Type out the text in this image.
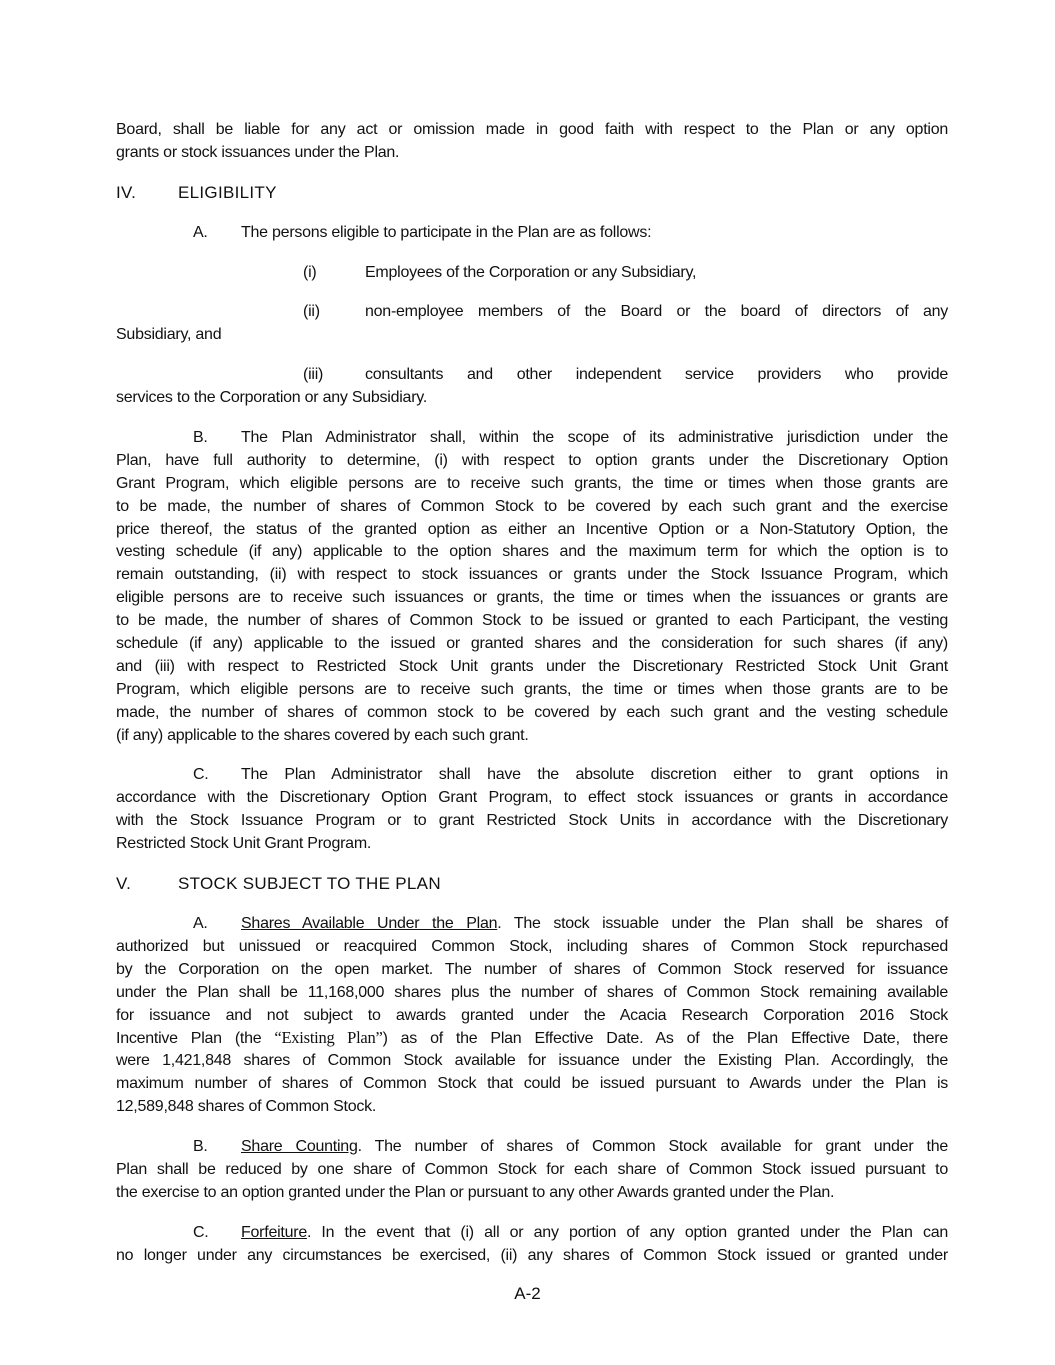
Board, shall be liable for any act or omission made in good faith with respect to the Plan or any option
grants or stock issuances under the Plan.
IV. ELIGIBILITY
A. The persons eligible to participate in the Plan are as follows:
(i)	Employees of the Corporation or any Subsidiary,
(ii)	non-employee members of the Board or the board of directors of any
Subsidiary, and
(iii)	consultants and other independent service providers who provide
services to the Corporation or any Subsidiary.
B. The Plan Administrator shall, within the scope of its administrative jurisdiction under the
Plan, have full authority to determine, (i) with respect to option grants under the Discretionary Option
Grant Program, which eligible persons are to receive such grants, the time or times when those grants are
to be made, the number of shares of Common Stock to be covered by each such grant and the exercise
price thereof, the status of the granted option as either an Incentive Option or a Non-Statutory Option, the
vesting schedule (if any) applicable to the option shares and the maximum term for which the option is to
remain outstanding, (ii) with respect to stock issuances or grants under the Stock Issuance Program, which
eligible persons are to receive such issuances or grants, the time or times when the issuances or grants are
to be made, the number of shares of Common Stock to be issued or granted to each Participant, the vesting
schedule (if any) applicable to the issued or granted shares and the consideration for such shares (if any)
and (iii) with respect to Restricted Stock Unit grants under the Discretionary Restricted Stock Unit Grant
Program, which eligible persons are to receive such grants, the time or times when those grants are to be
made, the number of shares of common stock to be covered by each such grant and the vesting schedule
(if any) applicable to the shares covered by each such grant.
C. The Plan Administrator shall have the absolute discretion either to grant options in
accordance with the Discretionary Option Grant Program, to effect stock issuances or grants in accordance
with the Stock Issuance Program or to grant Restricted Stock Units in accordance with the Discretionary
Restricted Stock Unit Grant Program.
V.	STOCK SUBJECT TO THE PLAN
A. Shares Available Under the Plan. The stock issuable under the Plan shall be shares of
authorized but unissued or reacquired Common Stock, including shares of Common Stock repurchased
by the Corporation on the open market. The number of shares of Common Stock reserved for issuance
under the Plan shall be 11,168,000 shares plus the number of shares of Common Stock remaining available
for issuance and not subject to awards granted under the Acacia Research Corporation 2016 Stock
Incentive Plan (the “Existing Plan”) as of the Plan Effective Date. As of the Plan Effective Date, there
were 1,421,848 shares of Common Stock available for issuance under the Existing Plan. Accordingly, the
maximum number of shares of Common Stock that could be issued pursuant to Awards under the Plan is
12,589,848 shares of Common Stock.
B. Share Counting. The number of shares of Common Stock available for grant under the
Plan shall be reduced by one share of Common Stock for each share of Common Stock issued pursuant to
the exercise to an option granted under the Plan or pursuant to any other Awards granted under the Plan.
C. Forfeiture. In the event that (i) all or any portion of any option granted under the Plan can
no longer under any circumstances be exercised, (ii) any shares of Common Stock issued or granted under
A-2
